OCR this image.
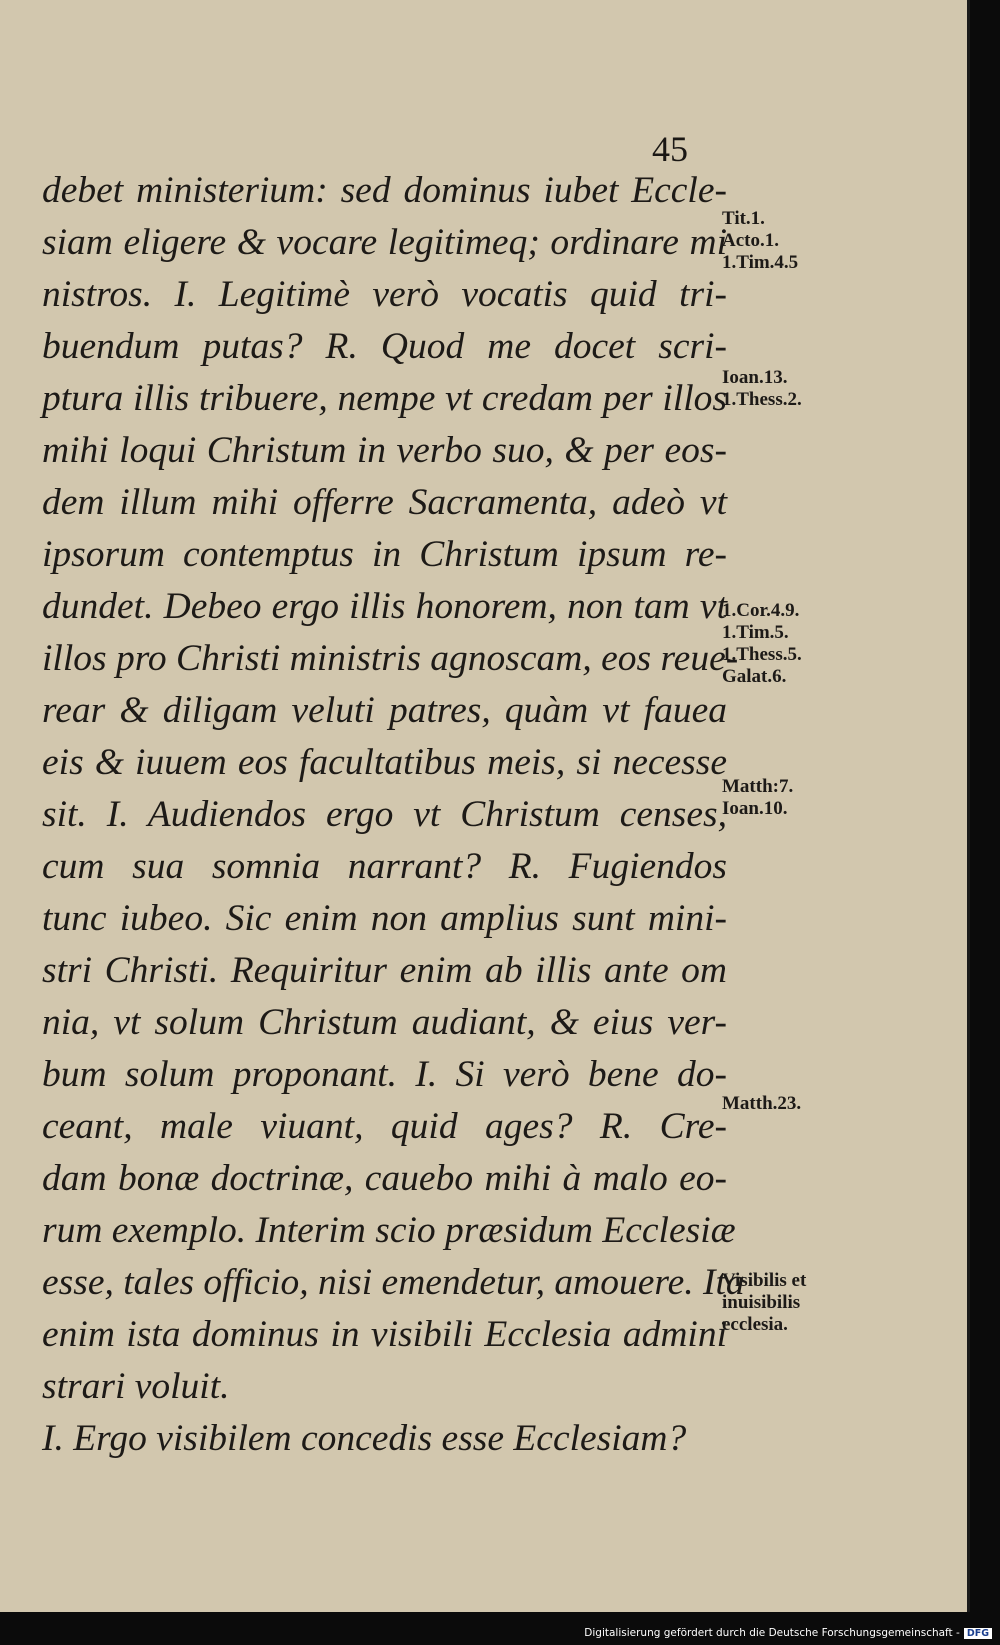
45
debet ministerium: sed dominus iubet Eccle-
siam eligere & vocare legitimeq; ordinare mi
nistros. I. Legitimè verò vocatis quid tri-
buendum putas? R. Quod me docet scri-
ptura illis tribuere, nempe vt credam per illos
mihi loqui Christum in verbo suo, & per eos-
dem illum mihi offerre Sacramenta, adeò vt
ipsorum contemptus in Christum ipsum re-
dundet. Debeo ergo illis honorem, non tam vt
illos pro Christi ministris agnoscam, eos reue-
rear & diligam veluti patres, quàm vt fauea
eis & iuuem eos facultatibus meis, si necesse
sit. I. Audiendos ergo vt Christum censes,
cum sua somnia narrant? R. Fugiendos
tunc iubeo. Sic enim non amplius sunt mini-
stri Christi. Requiritur enim ab illis ante om
nia, vt solum Christum audiant, & eius ver-
bum solum proponant. I. Si verò bene do-
ceant, male viuant, quid ages? R. Cre-
dam bonæ doctrinæ, cauebo mihi à malo eo-
rum exemplo. Interim scio præsidum Ecclesiæ
esse, tales officio, nisi emendetur, amouere. Ita
enim ista dominus in visibili Ecclesia admini
strari voluit.
I. Ergo visibilem concedis esse Ecclesiam?
Tit.1.
Acto.1.
1.Tim.4.5
Ioan.13.
1.Thess.2.
1.Cor.4.9.
1.Tim.5.
1.Thess.5.
Galat.6.
Matth:7.
Ioan.10.
Matth.23.
Visibilis et
inuisibilis
ecclesia.
Digitalisierung gefördert durch die Deutsche Forschungsgemeinschaft - DFG
